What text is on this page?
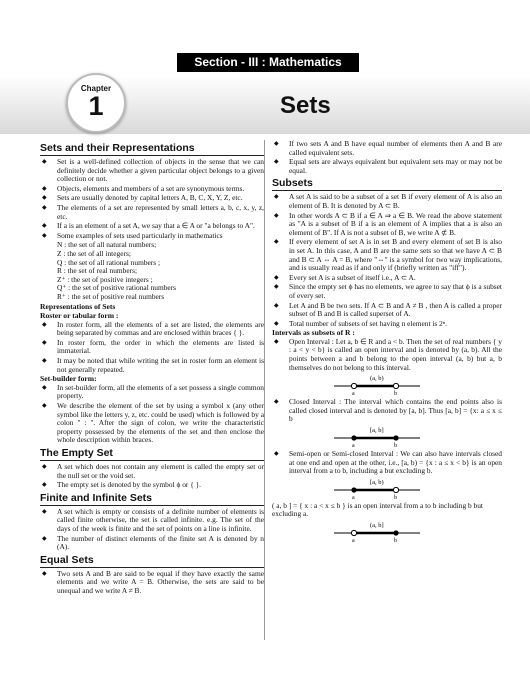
Section - III : Mathematics
Chapter
1	Sets
Sets and their Representations
◆ Set is a well-defined collection of objects in the sense that we can definitely decide whether a given particular object belongs to a given collection or not.
◆ Objects, elements and members of a set are synonymous terms.
◆ Sets are usually denoted by capital letters A, B, C, X, Y, Z, etc.
◆ The elements of a set are represented by small letters a, b, c, x, y, z, etc.
◆ If a is an element of a set A, we say that a ∈ A or "a belongs to A".
◆ Some examples of sets used particularly in mathematics
N : the set of all natural numbers;
Z : the set of all integers;
Q : the set of all rational numbers ;
R : the set of real numbers;
Z⁺ : the set of positive integers ;
Q⁺ : the set of positive rational numbers
R⁺ : the set of positive real numbers
Representations of Sets
Roster or tabular form :
◆ In roster form, all the elements of a set are listed, the elements are being separated by commas and are enclosed within braces { }.
◆ In roster form, the order in which the elements are listed is immaterial.
◆ It may be noted that while writing the set in roster form an element is not generally repeated.
Set-builder form:
◆ In set-builder form, all the elements of a set possess a single common property.
◆ We describe the element of the set by using a symbol x (any other symbol like the letters y, z, etc. could be used) which is followed by a colon " : ". After the sign of colon, we write the characteristic property possessed by the elements of the set and then enclose the whole description within braces.
The Empty Set
◆ A set which does not contain any element is called the empty set or the null set or the void set.
◆ The empty set is denoted by the symbol ϕ or { }.
Finite and Infinite Sets
◆ A set which is empty or consists of a definite number of elements is called finite otherwise, the set is called infinite. e.g. The set of the days of the week is finite and the set of points on a line is infinite.
◆ The number of distinct elements of the finite set A is denoted by n (A).
Equal Sets
◆ Two sets A and B are said to be equal if they have exactly the same elements and we write A = B. Otherwise, the sets are said to be unequal and we write A ≠ B.
◆ If two sets A and B have equal number of elements then A and B are called equivalent sets.
◆ Equal sets are always equivalent but equivalent sets may or may not be equal.
Subsets
◆ A set A is said to be a subset of a set B if every element of A is also an element of B. It is denoted by A ⊂ B.
◆ In other words A ⊂ B if a ∈ A ⇒ a ∈ B. We read the above statement as "A is a subset of B if a is an element of A implies that a is also an element of B". If A is not a subset of B, we write A ⊄ B.
◆ If every element of set A is in set B and every element of set B is also in set A. In this case, A and B are the same sets so that we have A ⊂ B and B ⊂ A ⇔ A = B, where "⇔" is a symbol for two way implications, and is usually read as if and only if (briefly written as "iff").
◆ Every set A is a subset of itself i.e., A ⊂ A.
◆ Since the empty set ϕ has no elements, we agree to say that ϕ is a subset of every set.
◆ Let A and B be two sets. If A ⊂ B and A ≠ B , then A is called a proper subset of B and B is called superset of A.
◆ Total number of subsets of set having n element is 2ⁿ.
Intervals as subsets of R :
◆ Open Interval : Let a, b ∈ R and a < b. Then the set of real numbers { y : a < y < b} is called an open interval and is denoted by (a, b). All the points between a and b belong to the open interval (a, b) but a, b themselves do not belong to this interval.
(a, b)
a	b
◆ Closed Interval : The interval which contains the end points also is called closed interval and is denoted by [a, b]. Thus [a, b] = {x: a ≤ x ≤ b
[a, b]
a	b
◆ Semi-open or Semi-closed Interval : We can also have intervals closed at one end and open at the other, i.e., [a, b) = {x : a ≤ x < b} is an open interval from a to b, including a but excluding b.
[a, b)
a	b
( a, b ] = { x : a < x ≤ b } is an open interval from a to b including b but excluding a.
(a, b]
a	b
